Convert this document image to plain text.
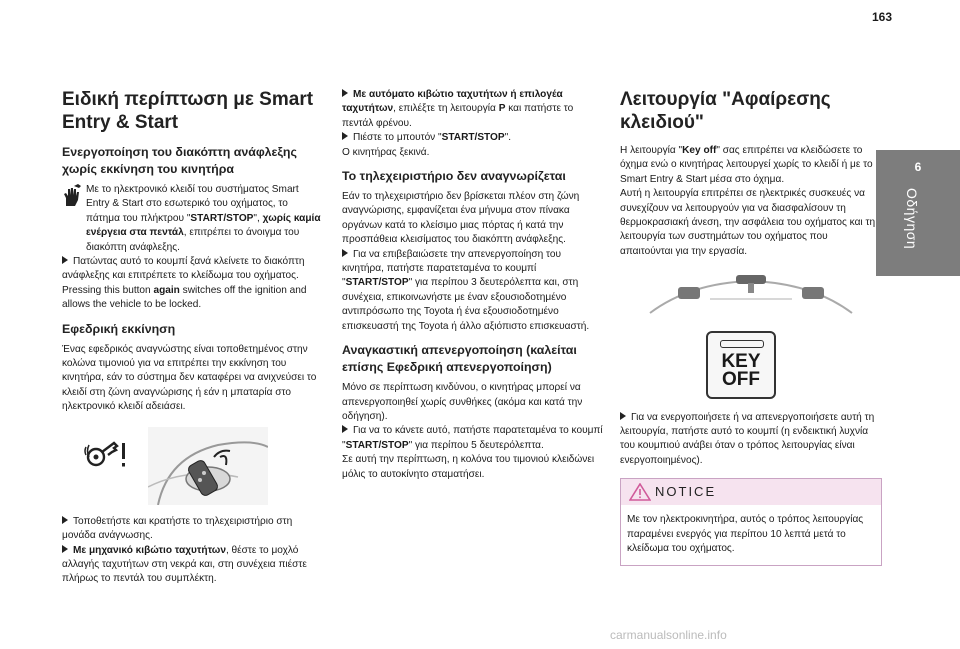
163
6
Οδήγηση
Ειδική περίπτωση με Smart
Entry & Start
Ενεργοποίηση του διακόπτη ανάφλεξης
χωρίς εκκίνηση του κινητήρα

Με το ηλεκτρονικό κλειδί του συστήματος Smart Entry & Start στο εσωτερικό του οχήματος, το πάτημα του πλήκτρου "START/STOP", χωρίς καμία ενέργεια στα πεντάλ, επιτρέπει το άνοιγμα του διακόπτη ανάφλεξης.

Πατώντας αυτό το κουμπί ξανά κλείνετε το διακόπτη ανάφλεξης και επιτρέπετε το κλείδωμα του οχήματος.

Pressing this button again switches off the ignition and allows the vehicle to be locked.

Εφεδρική εκκίνηση

Ένας εφεδρικός αναγνώστης είναι τοποθετημένος στην κολώνα τιμονιού για να επιτρέπει την εκκίνηση του κινητήρα, εάν το σύστημα δεν καταφέρει να ανιχνεύσει το κλειδί στη ζώνη αναγνώρισης ή εάν η μπαταρία στο ηλεκτρονικό κλειδί αδειάσει.

Τοποθετήστε και κρατήστε το τηλεχειριστήριο στη μονάδα ανάγνωσης.

Με μηχανικό κιβώτιο ταχυτήτων, θέστε το μοχλό αλλαγής ταχυτήτων στη νεκρά και, στη συνέχεια πιέστε πλήρως το πεντάλ του συμπλέκτη.

Με αυτόματο κιβώτιο ταχυτήτων ή επιλογέα ταχυτήτων, επιλέξτε τη λειτουργία P και πατήστε το πεντάλ φρένου.

Πιέστε το μπουτόν "START/STOP".

Ο κινητήρας ξεκινά.

Το τηλεχειριστήριο δεν αναγνωρίζεται

Εάν το τηλεχειριστήριο δεν βρίσκεται πλέον στη ζώνη αναγνώρισης, εμφανίζεται ένα μήνυμα στον πίνακα οργάνων κατά το κλείσιμο μιας πόρτας ή κατά την προσπάθεια κλεισίματος του διακόπτη ανάφλεξης.

Για να επιβεβαιώσετε την απενεργοποίηση του κινητήρα, πατήστε παρατεταμένα το κουμπί "START/STOP" για περίπου 3 δευτερόλεπτα και, στη συνέχεια, επικοινωνήστε με έναν εξουσιοδοτημένο αντιπρόσωπο της Toyota ή ένα εξουσιοδοτημένο επισκευαστή της Toyota ή άλλο αξιόπιστο επισκευαστή.

Αναγκαστική απενεργοποίηση (καλείται
επίσης Εφεδρική απενεργοποίηση)

Μόνο σε περίπτωση κινδύνου, ο κινητήρας μπορεί να απενεργοποιηθεί χωρίς συνθήκες (ακόμα και κατά την οδήγηση).

Για να το κάνετε αυτό, πατήστε παρατεταμένα το κουμπί "START/STOP" για περίπου 5 δευτερόλεπτα.

Σε αυτή την περίπτωση, η κολόνα του τιμονιού κλειδώνει μόλις το αυτοκίνητο σταματήσει.

Λειτουργία "Αφαίρεσης
κλειδιού"

Η λειτουργία "Key off" σας επιτρέπει να κλειδώσετε το όχημα ενώ ο κινητήρας λειτουργεί χωρίς το κλειδί ή με το Smart Entry & Start μέσα στο όχημα.

Αυτή η λειτουργία επιτρέπει σε ηλεκτρικές συσκευές να συνεχίζουν να λειτουργούν για να διασφαλίσουν τη θερμοκρασιακή άνεση, την ασφάλεια του οχήματος και τη λειτουργία των συστημάτων του οχήματος που απαιτούνται για την εργασία.

KEY
OFF

Για να ενεργοποιήσετε ή να απενεργοποιήσετε αυτή τη λειτουργία, πατήστε αυτό το κουμπί (η ενδεικτική λυχνία του κουμπιού ανάβει όταν ο τρόπος λειτουργίας είναι ενεργοποιημένος).

NOTICE
Με τον ηλεκτροκινητήρα, αυτός ο τρόπος λειτουργίας παραμένει ενεργός για περίπου 10 λεπτά μετά το κλείδωμα του οχήματος.
carmanualsonline.info
